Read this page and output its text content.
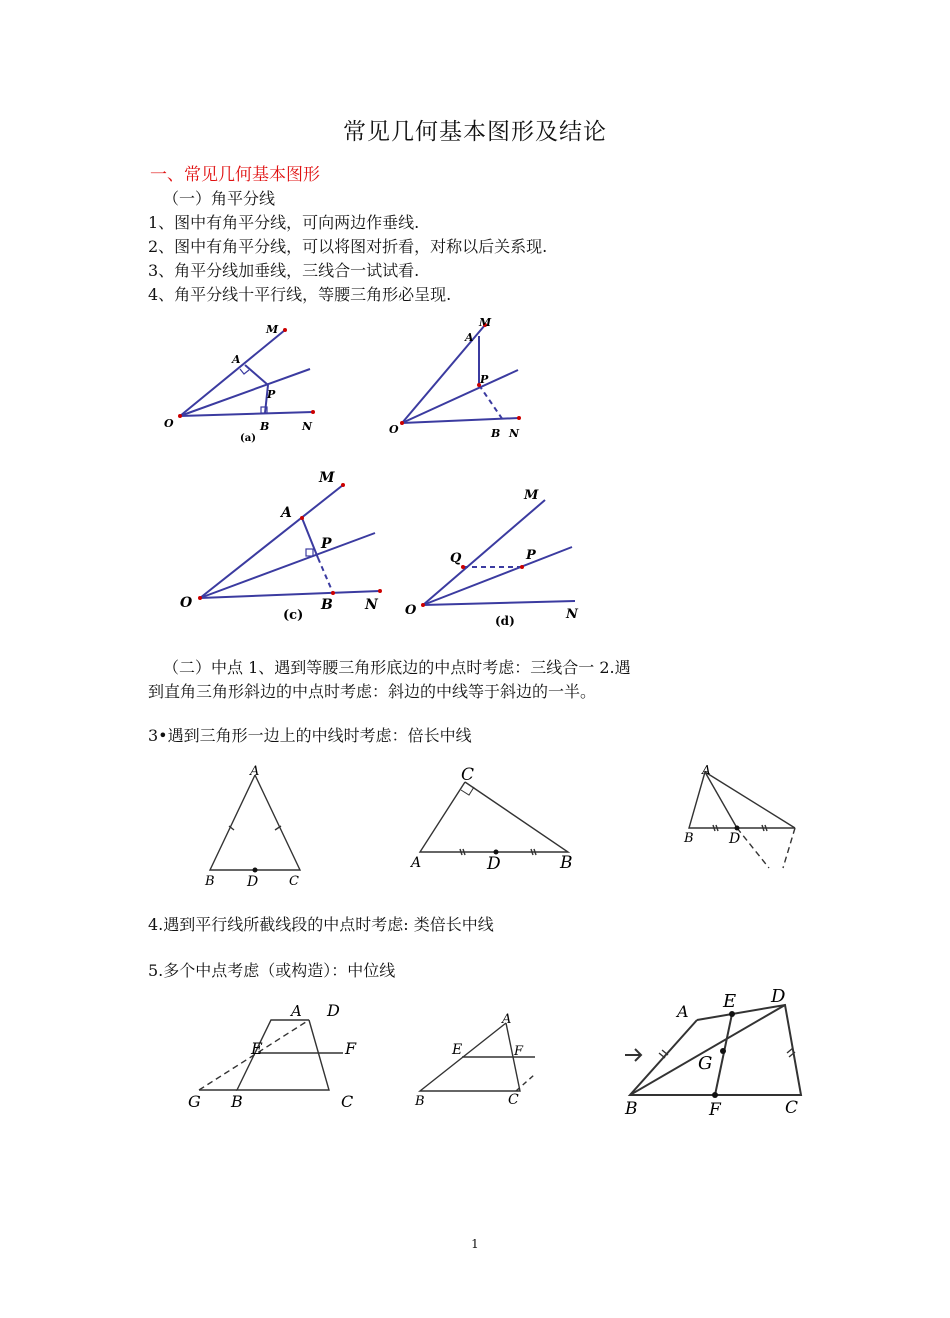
常见几何基本图形及结论
一、常见几何基本图形
（一）角平分线
1、图中有角平分线，可向两边作垂线.
2、图中有角平分线，可以将图对折看，对称以后关系现.
3、角平分线加垂线，三线合一试试看.
4、角平分线十平行线，等腰三角形必呈现.
M
A
P
O	B	N
(a)
M
A
P
O	B N
M
A
P
O	B N
(c)
M
Q	P
O	N
(d)
（二）中点 1、遇到等腰三角形底边的中点时考虑：三线合一 2.遇
到直角三角形斜边的中点时考虑：斜边的中线等于斜边的一半。
3•遇到三角形一边上的中线时考虑：倍长中线
A
B D C
C
A	D	B
A
B	D
4.遇到平行线所截线段的中点时考虑: 类倍长中线
5.多个中点考虑（或构造）：中位线
A D
E	F
G B	C
A
E	F
B	C
A E D
G
B	F	C
1
